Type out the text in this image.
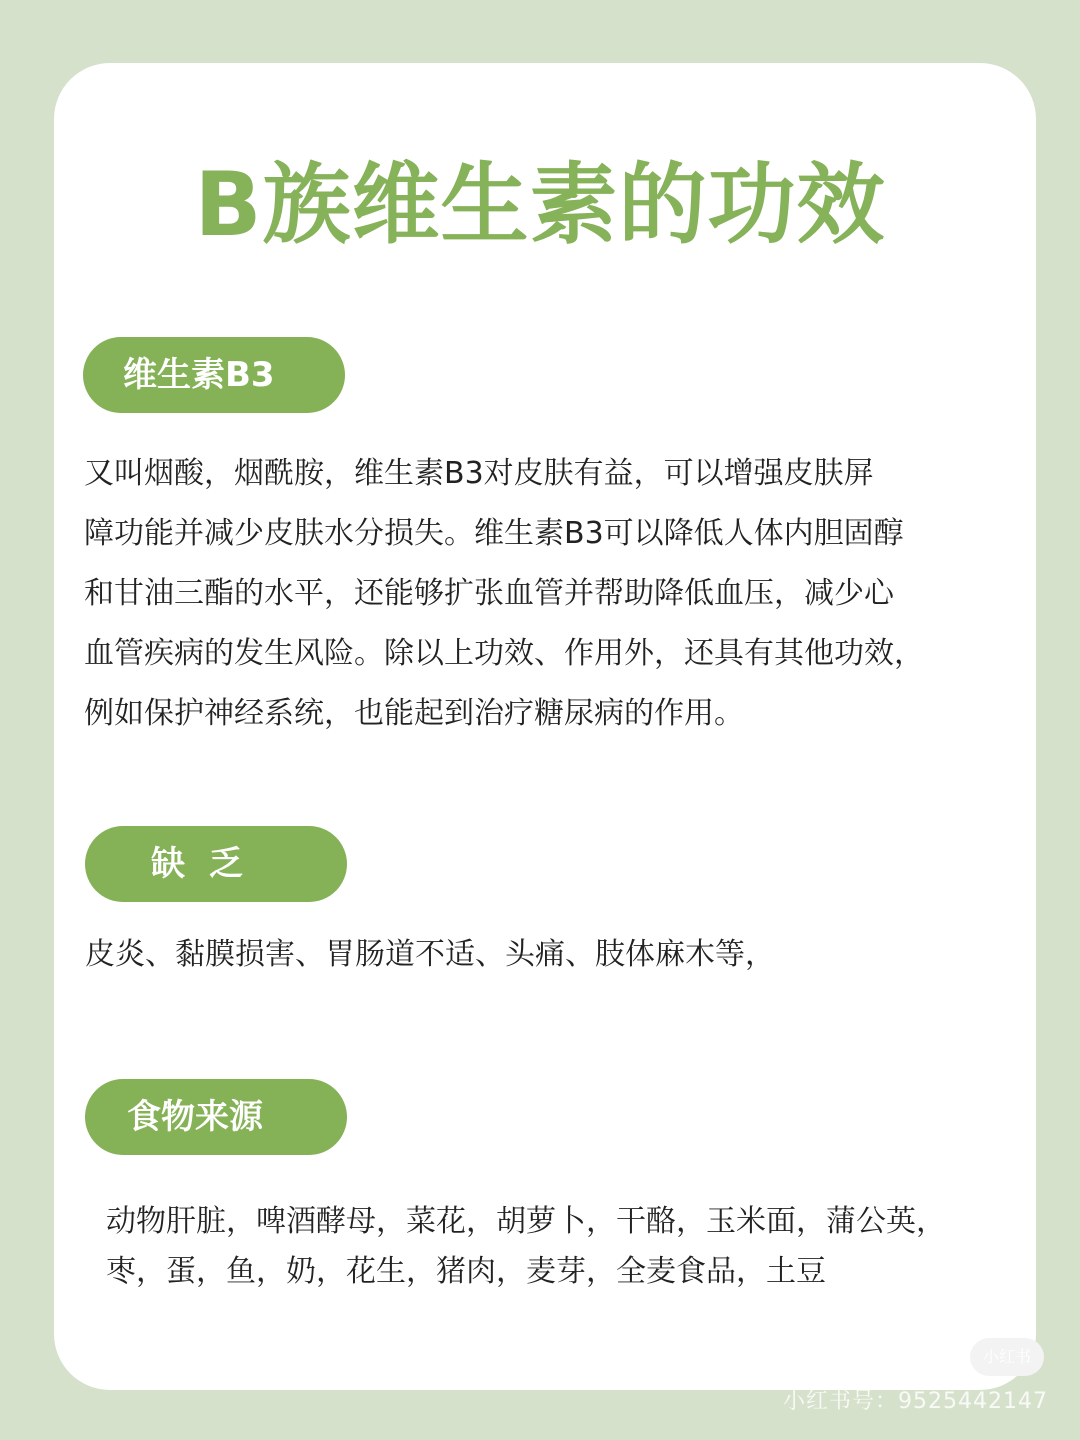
B族维生素的功效
维生素B3
又叫烟酸，烟酰胺，维生素B3对皮肤有益，可以增强皮肤屏
障功能并减少皮肤水分损失。维生素B3可以降低人体内胆固醇
和甘油三酯的水平，还能够扩张血管并帮助降低血压，减少心
血管疾病的发生风险。除以上功效、作用外，还具有其他功效，
例如保护神经系统，也能起到治疗糖尿病的作用。
缺 乏
皮炎、黏膜损害、胃肠道不适、头痛、肢体麻木等，
食物来源
动物肝脏，啤酒酵母，菜花，胡萝卜，干酪，玉米面，蒲公英，
枣，蛋，鱼，奶，花生，猪肉，麦芽，全麦食品，土豆
小红书
小红书号：9525442147
